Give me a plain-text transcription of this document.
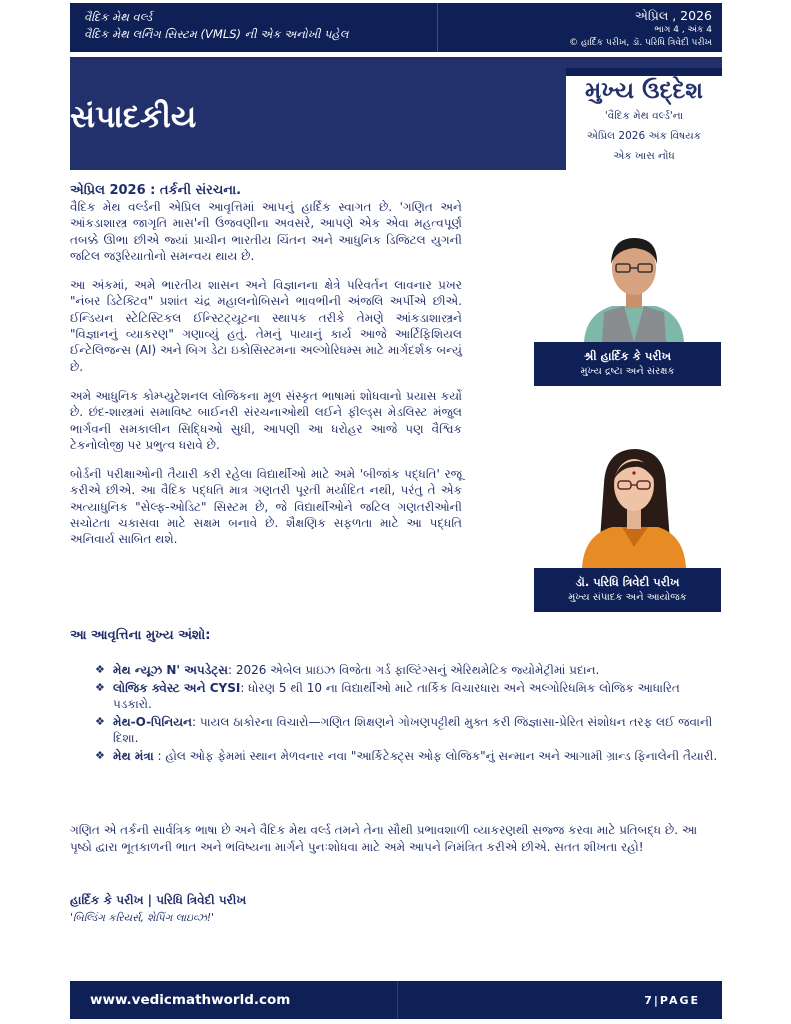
વૈદિક મેથ વર્લ્ડ
વૈદિક મેથ લર્નિંગ સિસ્ટમ (VMLS) ની એક અનોખી પહેલ
એપ્રિલ , 2026
ભાગ 4 , અંક 4
© હાર્દિક પરીખ, ડૉ. પરિધિ ત્રિવેદી પરીખ
સંપાદકીય
મુખ્ય ઉદ્દેશ
'વૈદિક મેથ વર્લ્ડ'ના
એપ્રિલ 2026 અંક વિષયક
એક ખાસ નોંધ
એપ્રિલ 2026 : તર્કની સંરચના.

વૈદિક મેથ વર્લ્ડની એપ્રિલ આવૃત્તિમાં આપનું હાર્દિક સ્વાગત છે. 'ગણિત અને આંકડાશાસ્ત્ર જાગૃતિ માસ'ની ઉજવણીના અવસરે, આપણે એક એવા મહત્વપૂર્ણ તબક્કે ઊભા છીએ જ્યાં પ્રાચીન ભારતીય ચિંતન અને આધુનિક ડિજિટલ યુગની જટિલ જરૂરિયાતોનો સમન્વય થાય છે.

આ અંકમાં, અમે ભારતીય શાસન અને વિજ્ઞાનના ક્ષેત્રે પરિવર્તન લાવનાર પ્રખર "નંબર ડિટેક્ટિવ" પ્રશાંત ચંદ્ર મહાલનોબિસને ભાવભીની અંજલિ અર્પીએ છીએ. ઈન્ડિયન સ્ટેટિસ્ટિકલ ઈન્સ્ટિટ્યૂટના સ્થાપક તરીકે તેમણે આંકડાશાસ્ત્રને "વિજ્ઞાનનું વ્યાકરણ" ગણાવ્યું હતું. તેમનું પાયાનું કાર્ય આજે આર્ટિફિશિયલ ઈન્ટેલિજન્સ (AI) અને બિગ ડેટા ઇકોસિસ્ટમના અલ્ગોરિધમ્સ માટે માર્ગદર્શક બન્યું છે.

અમે આધુનિક કોમ્પ્યુટેશનલ લોજિકના મૂળ સંસ્કૃત ભાષામાં શોધવાનો પ્રયાસ કર્યો છે. છંદ-શાસ્ત્રમાં સમાવિષ્ટ બાઈનરી સંરચનાઓથી લઈને ફીલ્ડ્સ મેડલિસ્ટ મંજુલ ભાર્ગવની સમકાલીન સિદ્ધિઓ સુધી, આપણી આ ધરોહર આજે પણ વૈશ્વિક ટેકનોલોજી પર પ્રભુત્વ ધરાવે છે.

બોર્ડની પરીક્ષાઓની તૈયારી કરી રહેલા વિદ્યાર્થીઓ માટે અમે 'બીજાંક પદ્ધતિ' રજૂ કરીએ છીએ. આ વૈદિક પદ્ધતિ માત્ર ગણતરી પૂરતી મર્યાદિત નથી, પરંતુ તે એક અત્યાધુનિક "સેલ્ફ-ઓડિટ" સિસ્ટમ છે, જે વિદ્યાર્થીઓને જટિલ ગણતરીઓની સચોટતા ચકાસવા માટે સક્ષમ બનાવે છે. શૈક્ષણિક સફળતા માટે આ પદ્ધતિ અનિવાર્ય સાબિત થશે.

શ્રી હાર્દિક કે પરીખ
મુખ્ય દ્રષ્ટા અને સંરક્ષક
ડૉ. પરિધિ ત્રિવેદી પરીખ
મુખ્ય સંપાદક અને આયોજક
આ આવૃત્તિના મુખ્ય અંશો:
❖ મેથ ન્યૂઝ N' અપડેટ્સ: 2026 એબેલ પ્રાઇઝ વિજેતા ગર્ડ ફાલ્ટિંગ્સનું એરિથમેટિક જ્યોમેટ્રીમાં પ્રદાન.
❖ લોજિક ક્વેસ્ટ અને CYSI: ધોરણ 5 થી 10 ના વિદ્યાર્થીઓ માટે તાર્કિક વિચારધારા અને અલ્ગોરિધમિક લોજિક આધારિત પડકારો.
❖ મેથ-O-પિનિયન: પાયલ ઠાકોરના વિચારો—ગણિત શિક્ષણને ગોખણપટ્ટીથી મુક્ત કરી જિજ્ઞાસા-પ્રેરિત સંશોધન તરફ લઈ જવાની દિશા.
❖ મેથ મંત્રા : હોલ ઓફ ફેમમાં સ્થાન મેળવનાર નવા "આર્કિટેક્ટ્સ ઓફ લોજિક"નું સન્માન અને આગામી ગ્રાન્ડ ફિનાલેની તૈયારી.
ગણિત એ તર્કની સાર્વત્રિક ભાષા છે અને વૈદિક મેથ વર્લ્ડ તમને તેના સૌથી પ્રભાવશાળી વ્યાકરણથી સજ્જ કરવા માટે પ્રતિબદ્ધ છે. આ પૃષ્ઠો દ્વારા ભૂતકાળની ભાત અને ભવિષ્યના માર્ગને પુનઃશોધવા માટે અમે આપને નિમંત્રિત કરીએ છીએ. સતત શીખતા રહો!
હાર્દિક કે પરીખ | પરિધિ ત્રિવેદી પરીખ
'બિલ્ડિંગ કરિયર્સ, શેપિંગ લાઇવ્ઝ!'
www.vedicmathworld.com	7|PAGE
